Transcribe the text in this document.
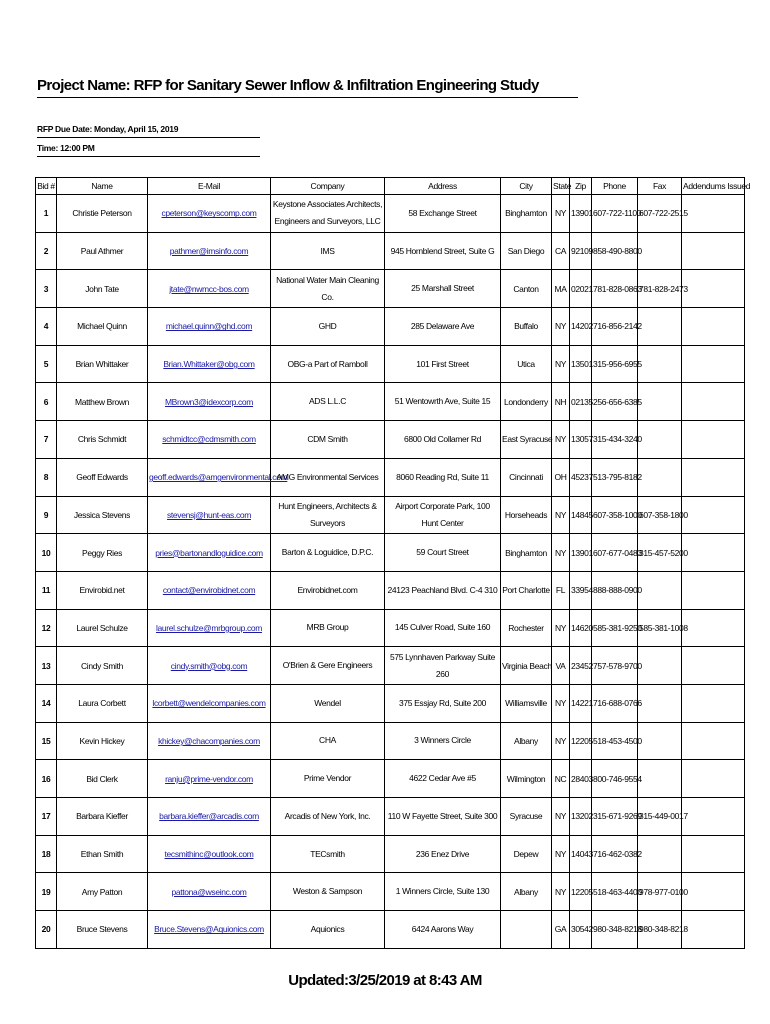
Project Name: RFP for Sanitary Sewer Inflow & Infiltration Engineering Study
RFP Due Date: Monday, April 15, 2019
Time: 12:00 PM
Bid #	Name	E-Mail	Company	Address	City	State	Zip	Phone	Fax	Addendums Issued
1	Christie Peterson	cpeterson@keyscomp.com	Keystone Associates Architects, Engineers and Surveyors, LLC	58 Exchange Street	Binghamton	NY	13901	607-722-1100	607-722-2515	
2	Paul Athmer	pathmer@imsinfo.com	IMS	945 Hornblend Street, Suite G	San Diego	CA	92109	858-490-8800		
3	John Tate	jtate@nwmcc-bos.com	National Water Main Cleaning Co.	25 Marshall Street	Canton	MA	02021	781-828-0863	781-828-2473	
4	Michael Quinn	michael.quinn@ghd.com	GHD	285 Delaware Ave	Buffalo	NY	14202	716-856-2142		
5	Brian Whittaker	Brian.Whittaker@obg.com	OBG-a Part of Ramboll	101 First Street	Utica	NY	13501	315-956-6955		
6	Matthew Brown	MBrown3@idexcorp.com	ADS L.L.C	51 Wentowrth Ave, Suite 15	Londonderry	NH	02135	256-656-6385		
7	Chris Schmidt	schmidtcc@cdmsmith.com	CDM Smith	6800 Old Collamer Rd	East Syracuse	NY	13057	315-434-3240		
8	Geoff Edwards	geoff.edwards@amgenvironmental.com	AMG Environmental Services	8060 Reading Rd, Suite 11	Cincinnati	OH	45237	513-795-8182		
9	Jessica Stevens	stevensj@hunt-eas.com	Hunt Engineers, Architects & Surveyors	Airport Corporate Park, 100 Hunt Center	Horseheads	NY	14845	607-358-1000	607-358-1800	
10	Peggy Ries	pries@bartonandloguidice.com	Barton & Loguidice, D.P.C.	59 Court Street	Binghamton	NY	13901	607-677-0483	315-457-5200	
11	Envirobid.net	contact@envirobidnet.com	Envirobidnet.com	24123 Peachland Blvd. C-4 310	Port Charlotte	FL	33954	888-888-0900		
12	Laurel Schulze	laurel.schulze@mrbgroup.com	MRB Group	145 Culver Road, Suite 160	Rochester	NY	14620	585-381-9250	585-381-1008	
13	Cindy Smith	cindy.smith@obg.com	O'Brien & Gere Engineers	575 Lynnhaven Parkway Suite 260	Virginia Beach	VA	23452	757-578-9700		
14	Laura Corbett	lcorbett@wendelcompanies.com	Wendel	375 Essjay Rd, Suite 200	Williamsville	NY	14221	716-688-0766		
15	Kevin Hickey	khickey@chacompanies.com	CHA	3 Winners Circle	Albany	NY	12205	518-453-4500		
16	Bid Clerk	ranju@prime-vendor.com	Prime Vendor	4622 Cedar Ave #5	Wilmington	NC	28403	800-746-9554		
17	Barbara Kieffer	barbara.kieffer@arcadis.com	Arcadis of New York, Inc.	110 W Fayette Street, Suite 300	Syracuse	NY	13202	315-671-9269	315-449-0017	
18	Ethan Smith	tecsmithinc@outlook.com	TECsmith	236 Enez Drive	Depew	NY	14043	716-462-0382		
19	Amy Patton	pattona@wseinc.com	Weston & Sampson	1 Winners Circle, Suite 130	Albany	NY	12205	518-463-4400	978-977-0100	
20	Bruce Stevens	Bruce.Stevens@Aquionics.com	Aquionics	6424 Aarons Way		GA	30542	980-348-8218	980-348-8218	
Updated:3/25/2019 at 8:43 AM
